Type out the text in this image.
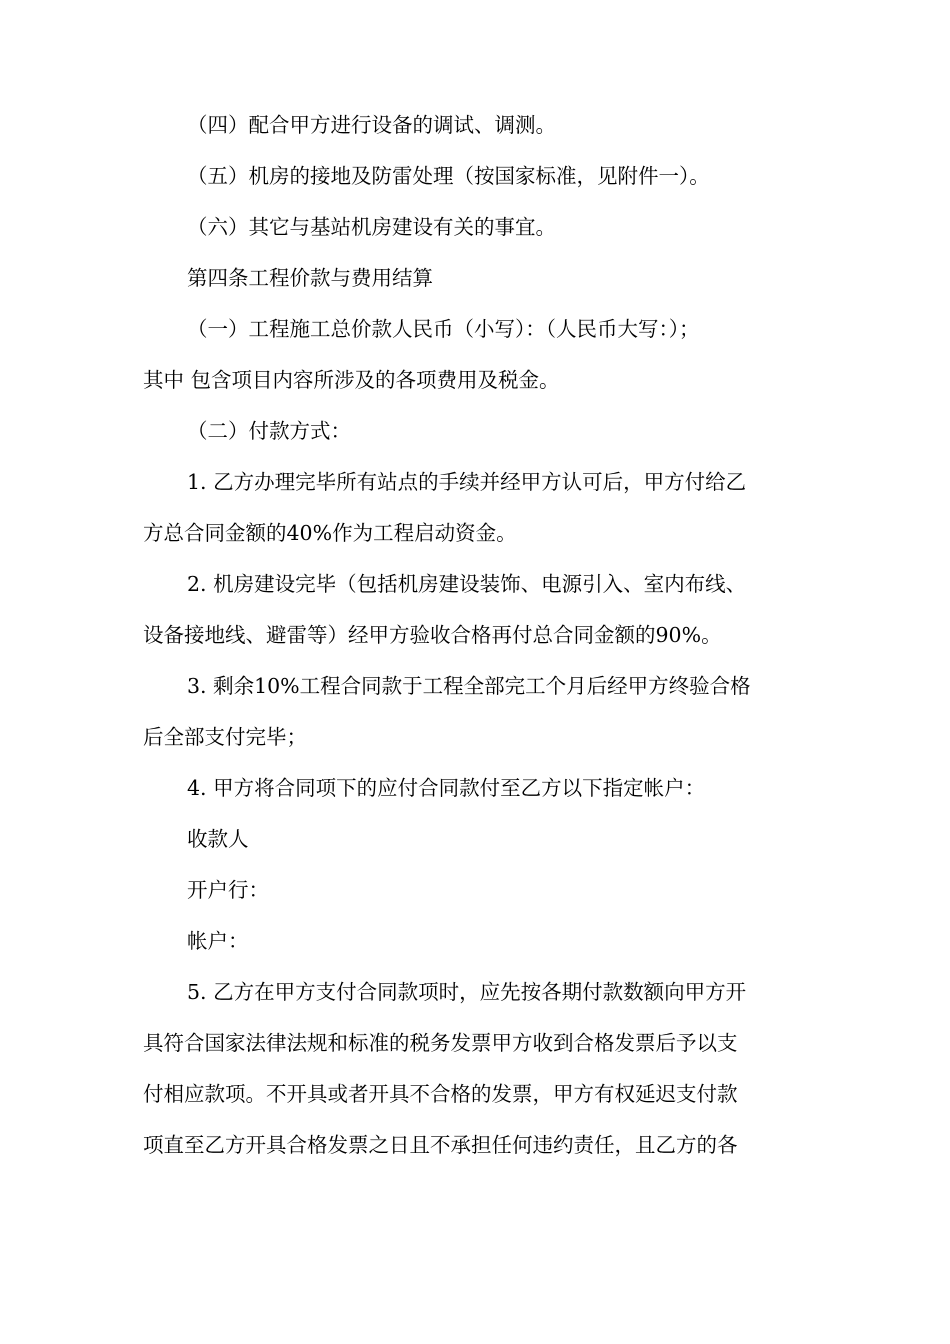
（四）配合甲方进行设备的调试、调测。
（五）机房的接地及防雷处理（按国家标准，见附件一）。
（六）其它与基站机房建设有关的事宜。
第四条工程价款与费用结算
（一）工程施工总价款人民币（小写）：（人民币大写：）；
其中 包含项目内容所涉及的各项费用及税金。
（二）付款方式：
1. 乙方办理完毕所有站点的手续并经甲方认可后，甲方付给乙
方总合同金额的40%作为工程启动资金。
2. 机房建设完毕（包括机房建设装饰、电源引入、室内布线、
设备接地线、避雷等）经甲方验收合格再付总合同金额的90%。
3. 剩余10%工程合同款于工程全部完工个月后经甲方终验合格
后全部支付完毕；
4. 甲方将合同项下的应付合同款付至乙方以下指定帐户：
收款人
开户行：
帐户：
5. 乙方在甲方支付合同款项时，应先按各期付款数额向甲方开
具符合国家法律法规和标准的税务发票甲方收到合格发票后予以支
付相应款项。不开具或者开具不合格的发票，甲方有权延迟支付款
项直至乙方开具合格发票之日且不承担任何违约责任，且乙方的各
